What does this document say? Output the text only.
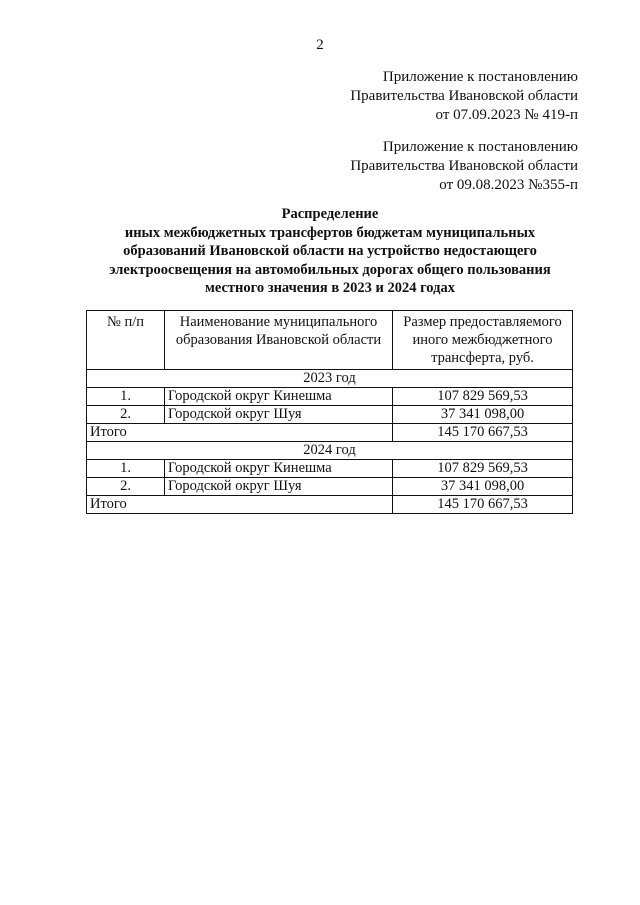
2
Приложение к постановлению
Правительства Ивановской области
от 07.09.2023 № 419-п
Приложение к постановлению
Правительства Ивановской области
от 09.08.2023 №355-п
Распределение
иных межбюджетных трансфертов бюджетам муниципальных
образований Ивановской области на устройство недостающего
электроосвещения на автомобильных дорогах общего пользования
местного значения в 2023 и 2024 годах
№ п/п	Наименование муниципального образования Ивановской области	Размер предоставляемого иного межбюджетного трансферта, руб.
2023 год		
1.	Городской округ Кинешма	107 829 569,53
2.	Городской округ Шуя	37 341 098,00
Итого		145 170 667,53
2024 год		
1.	Городской округ Кинешма	107 829 569,53
2.	Городской округ Шуя	37 341 098,00
Итого		145 170 667,53
